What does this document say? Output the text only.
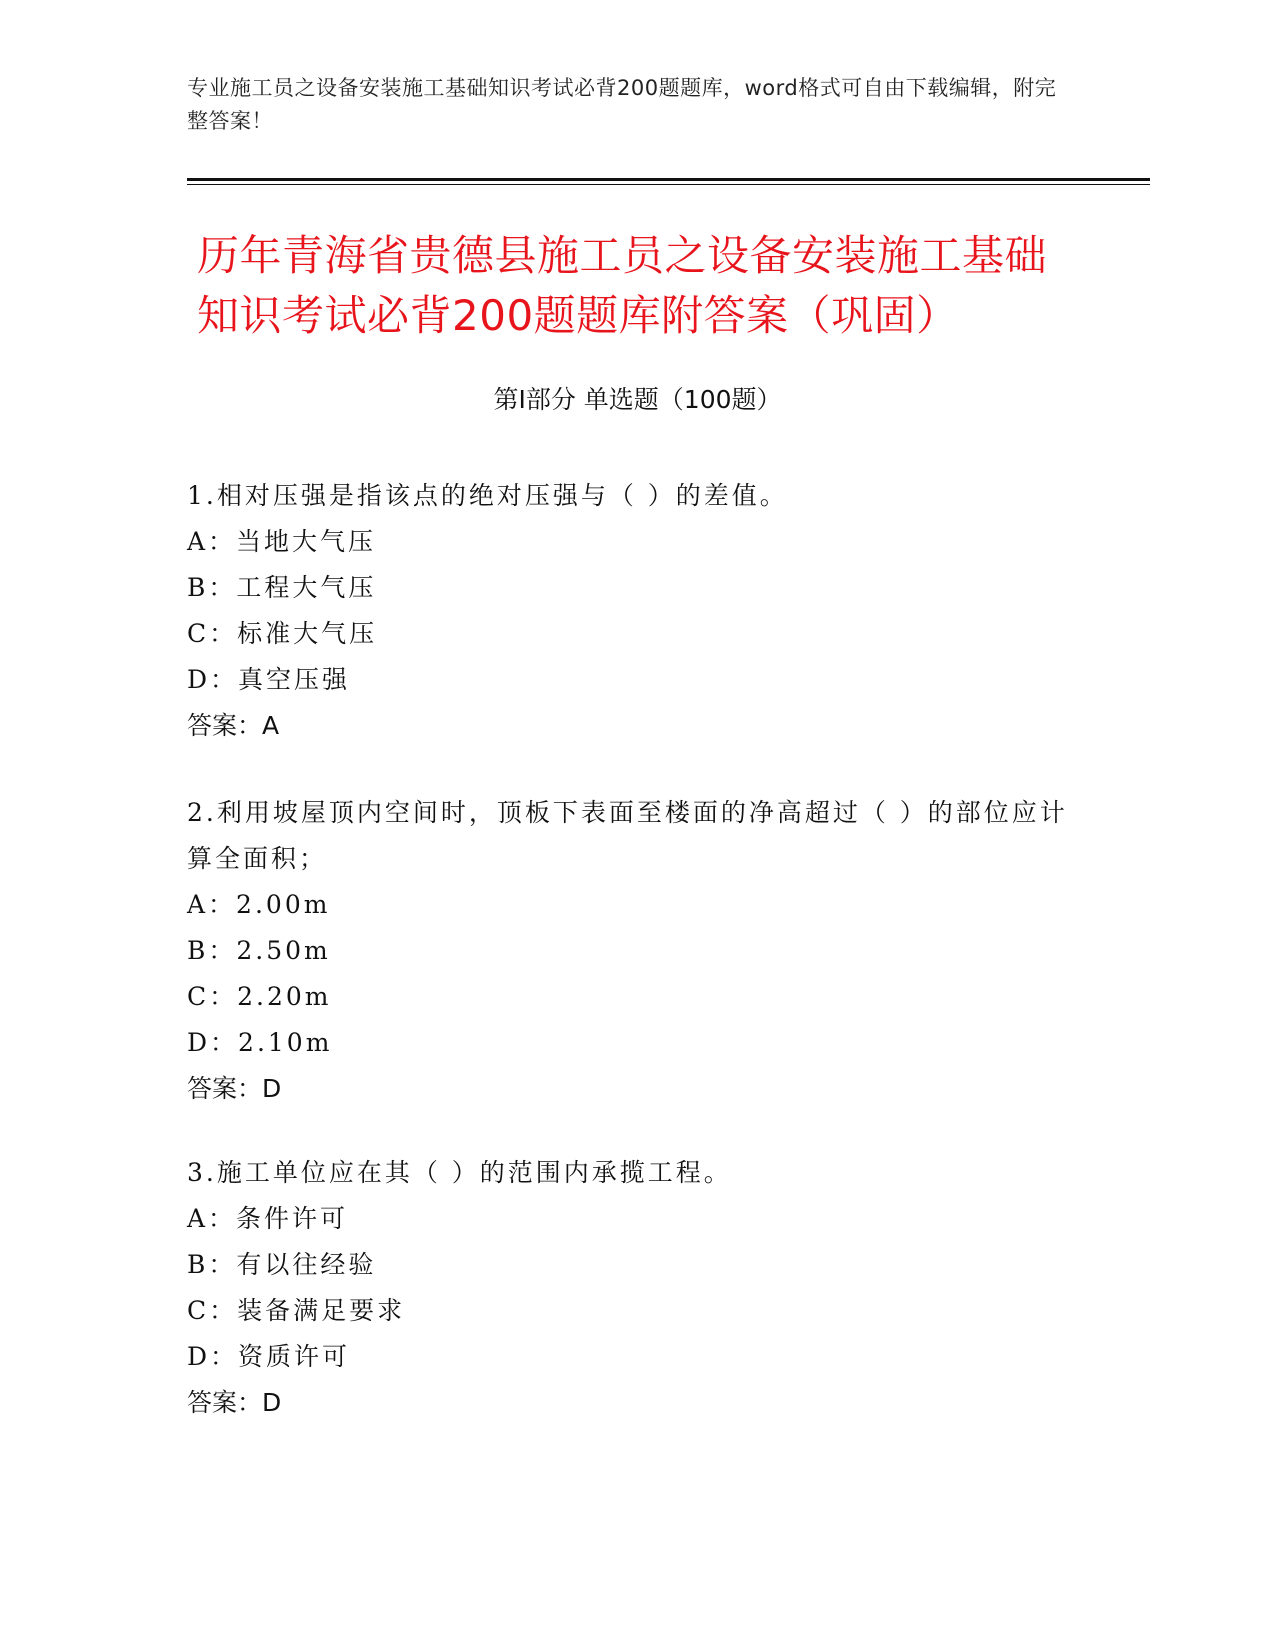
专业施工员之设备安装施工基础知识考试必背200题题库，word格式可自由下载编辑，附完整答案！
历年青海省贵德县施工员之设备安装施工基础知识考试必背200题题库附答案（巩固）
第Ⅰ部分 单选题（100题）
1.相对压强是指该点的绝对压强与（ ）的差值。
A：当地大气压
B：工程大气压
C：标准大气压
D：真空压强
答案：A
2.利用坡屋顶内空间时，顶板下表面至楼面的净高超过（ ）的部位应计算全面积；
A：2.00m
B：2.50m
C：2.20m
D：2.10m
答案：D
3.施工单位应在其（ ）的范围内承揽工程。
A：条件许可
B：有以往经验
C：装备满足要求
D：资质许可
答案：D
